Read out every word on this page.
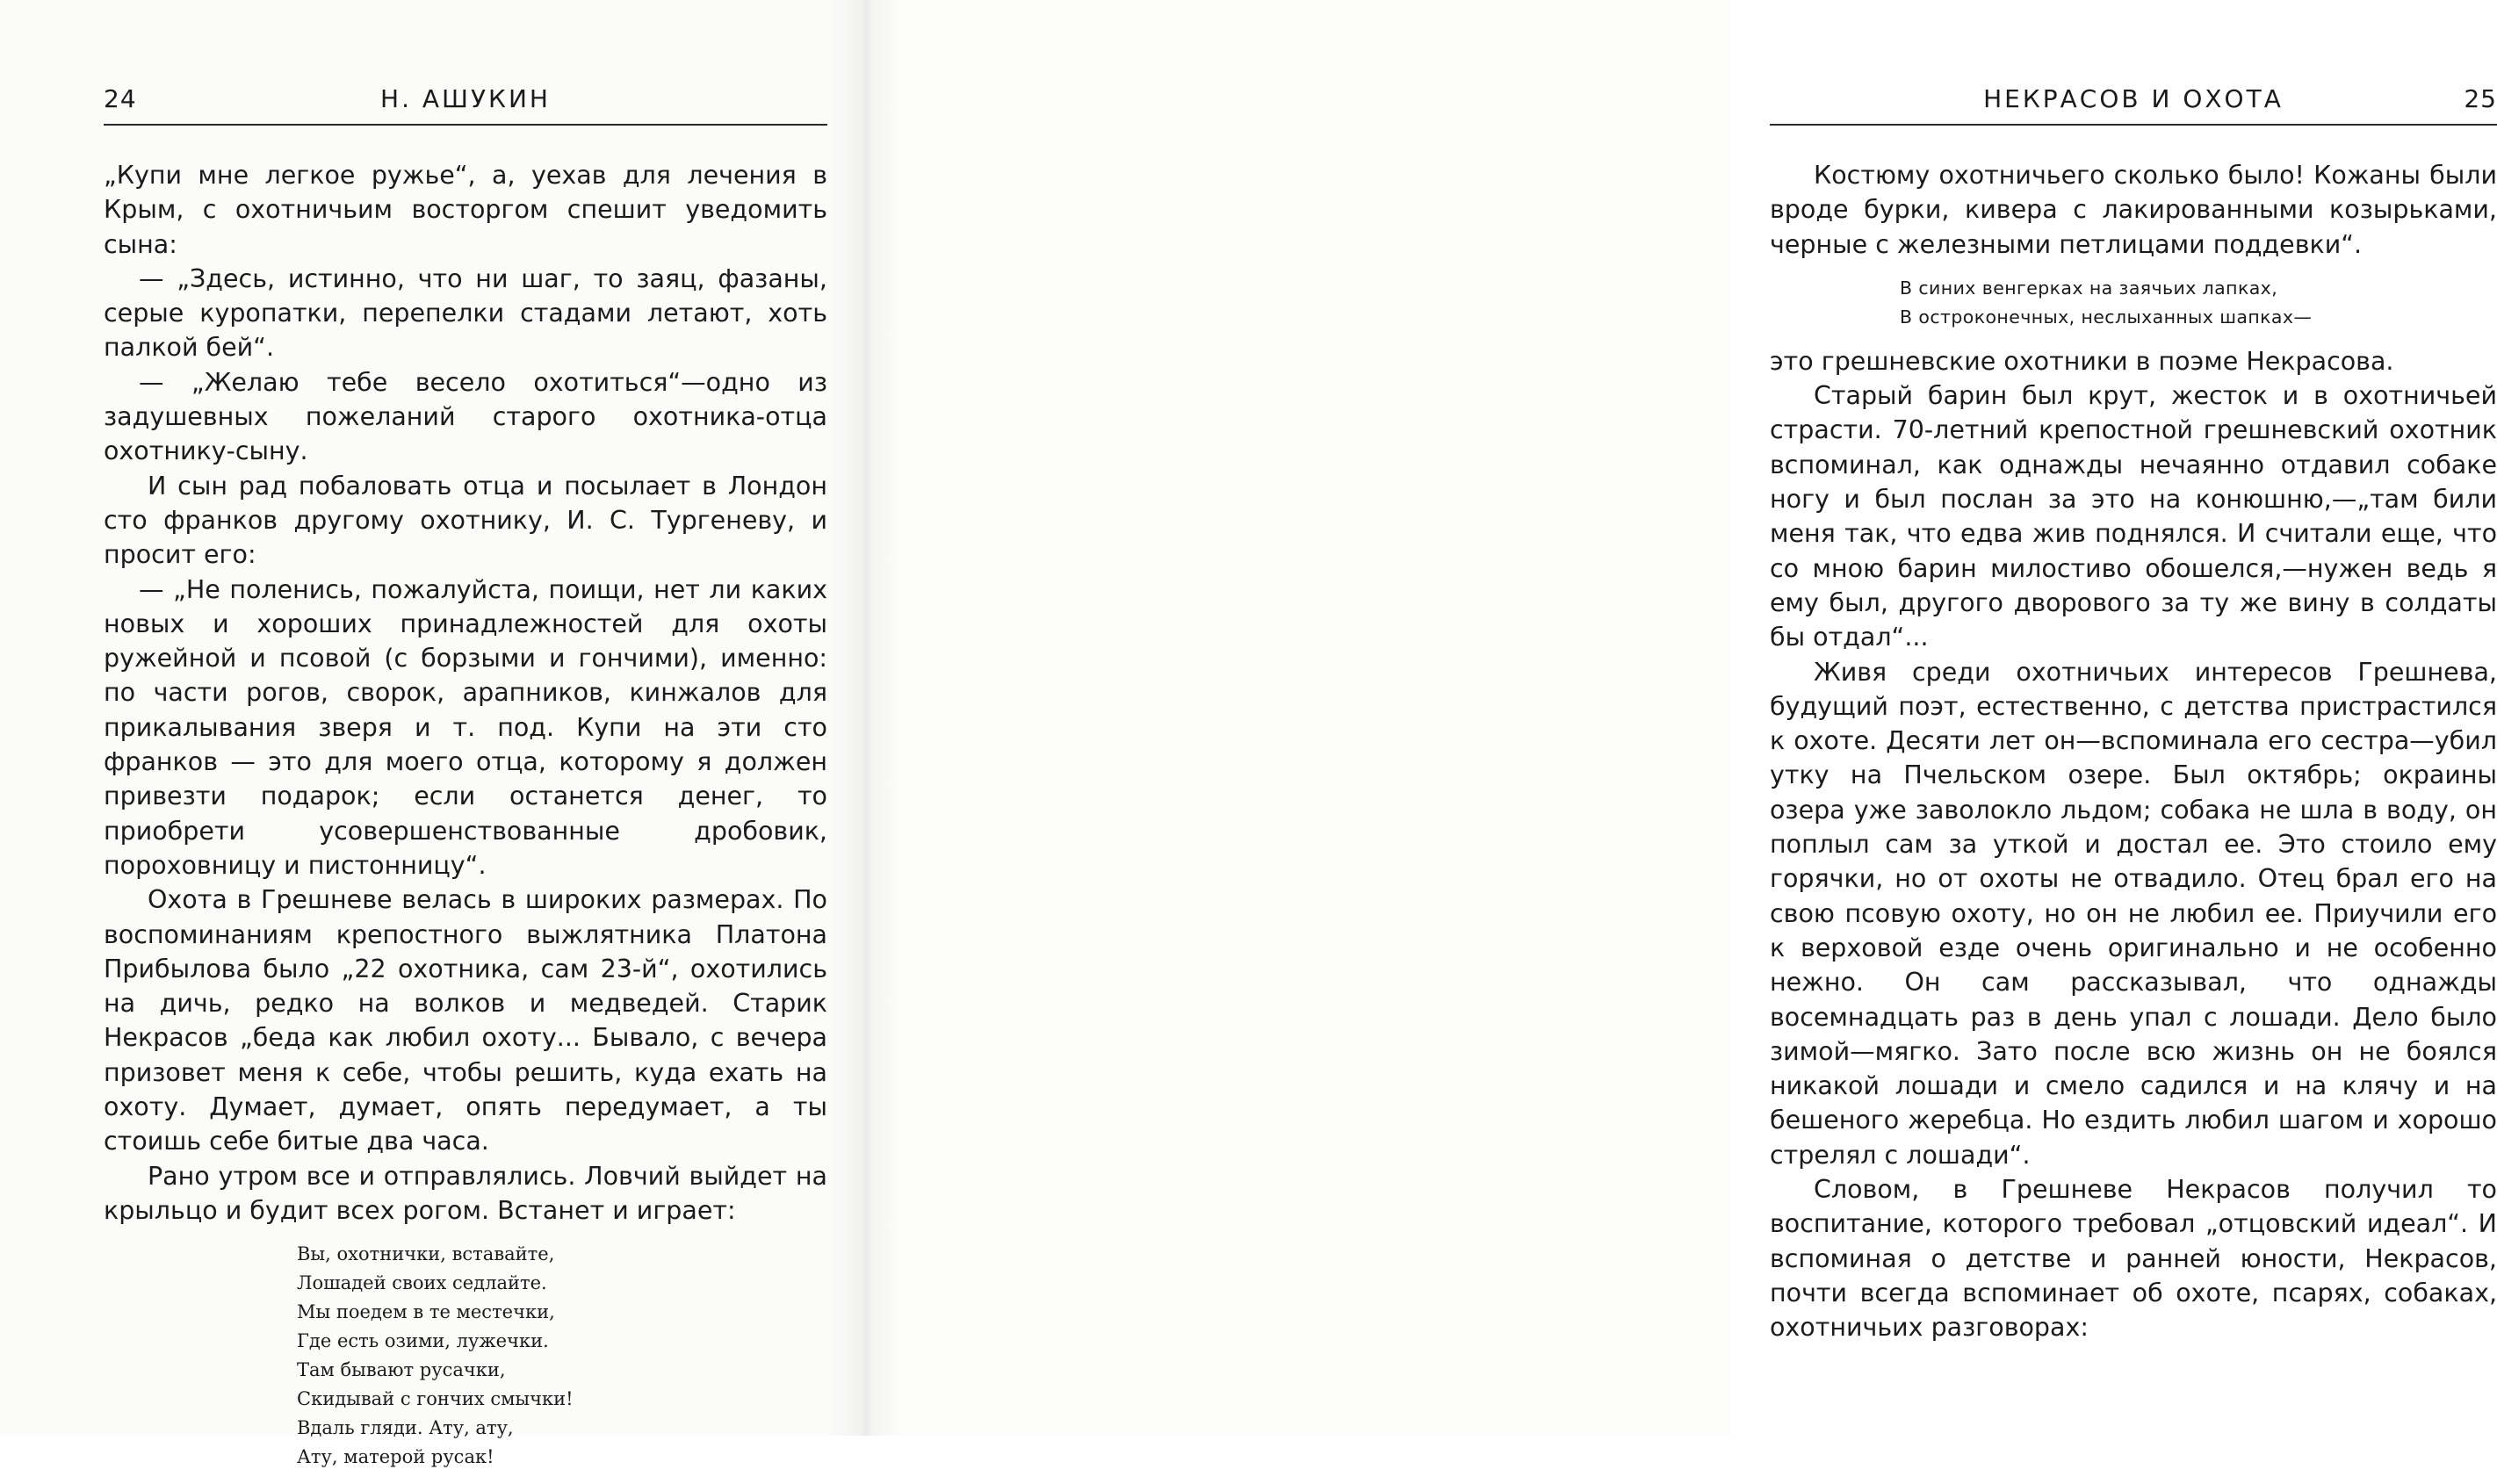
24	Н. АШУКИН

„Купи мне легкое ружье“, а, уехав для лечения в Крым, с охотничьим восторгом спешит уведомить сына:

— „Здесь, истинно, что ни шаг, то заяц, фазаны, серые куропатки, перепелки стадами летают, хоть палкой бей“.

— „Желаю тебе весело охотиться“—одно из задушевных пожеланий старого охотника-отца охотнику-сыну.

И сын рад побаловать отца и посылает в Лондон сто франков другому охотнику, И. С. Тургеневу, и просит его:

— „Не поленись, пожалуйста, поищи, нет ли каких новых и хороших принадлежностей для охоты ружейной и псовой (с борзыми и гончими), именно: по части рогов, сворок, арапников, кинжалов для прикалывания зверя и т. под. Купи на эти сто франков — это для моего отца, которому я должен привезти подарок; если останется денег, то приобрети усовершенствованные дробовик, пороховницу и пистонницу“.

Охота в Грешневе велась в широких размерах. По воспоминаниям крепостного выжлятника Платона Прибылова было „22 охотника, сам 23-й“, охотились на дичь, редко на волков и медведей. Старик Некрасов „беда как любил охоту... Бывало, с вечера призовет меня к себе, чтобы решить, куда ехать на охоту. Думает, думает, опять передумает, а ты стоишь себе битые два часа.

Рано утром все и отправлялись. Ловчий выйдет на крыльцо и будит всех рогом. Встанет и играет:

Вы, охотнички, вставайте,
Лошадей своих седлайте.
Мы поедем в те местечки,
Где есть озими, лужечки.
Там бывают русачки,
Скидывай с гончих смычки!
Вдаль гляди. Ату, ату,
Ату, матерой русак!
НЕКРАСОВ И ОХОТА	25

Костюму охотничьего сколько было! Кожаны были вроде бурки, кивера с лакированными козырьками, черные с железными петлицами поддевки“.

В синих венгерках на заячьих лапках,
В остроконечных, неслыханных шапках—

это грешневские охотники в поэме Некрасова.

Старый барин был крут, жесток и в охотничьей страсти. 70-летний крепостной грешневский охотник вспоминал, как однажды нечаянно отдавил собаке ногу и был послан за это на конюшню,—„там били меня так, что едва жив поднялся. И считали еще, что со мною барин милостиво обошелся,—нужен ведь я ему был, другого дворового за ту же вину в солдаты бы отдал“...

Живя среди охотничьих интересов Грешнева, будущий поэт, естественно, с детства пристрастился к охоте. Десяти лет он—вспоминала его сестра—убил утку на Пчельском озере. Был октябрь; окраины озера уже заволокло льдом; собака не шла в воду, он поплыл сам за уткой и достал ее. Это стоило ему горячки, но от охоты не отвадило. Отец брал его на свою псовую охоту, но он не любил ее. Приучили его к верховой езде очень оригинально и не особенно нежно. Он сам рассказывал, что однажды восемнадцать раз в день упал с лошади. Дело было зимой—мягко. Зато после всю жизнь он не боялся никакой лошади и смело садился и на клячу и на бешеного жеребца. Но ездить любил шагом и хорошо стрелял с лошади“.

Словом, в Грешневе Некрасов получил то воспитание, которого требовал „отцовский идеал“. И вспоминая о детстве и ранней юности, Некрасов, почти всегда вспоминает об охоте, псарях, собаках, охотничьих разговорах:
